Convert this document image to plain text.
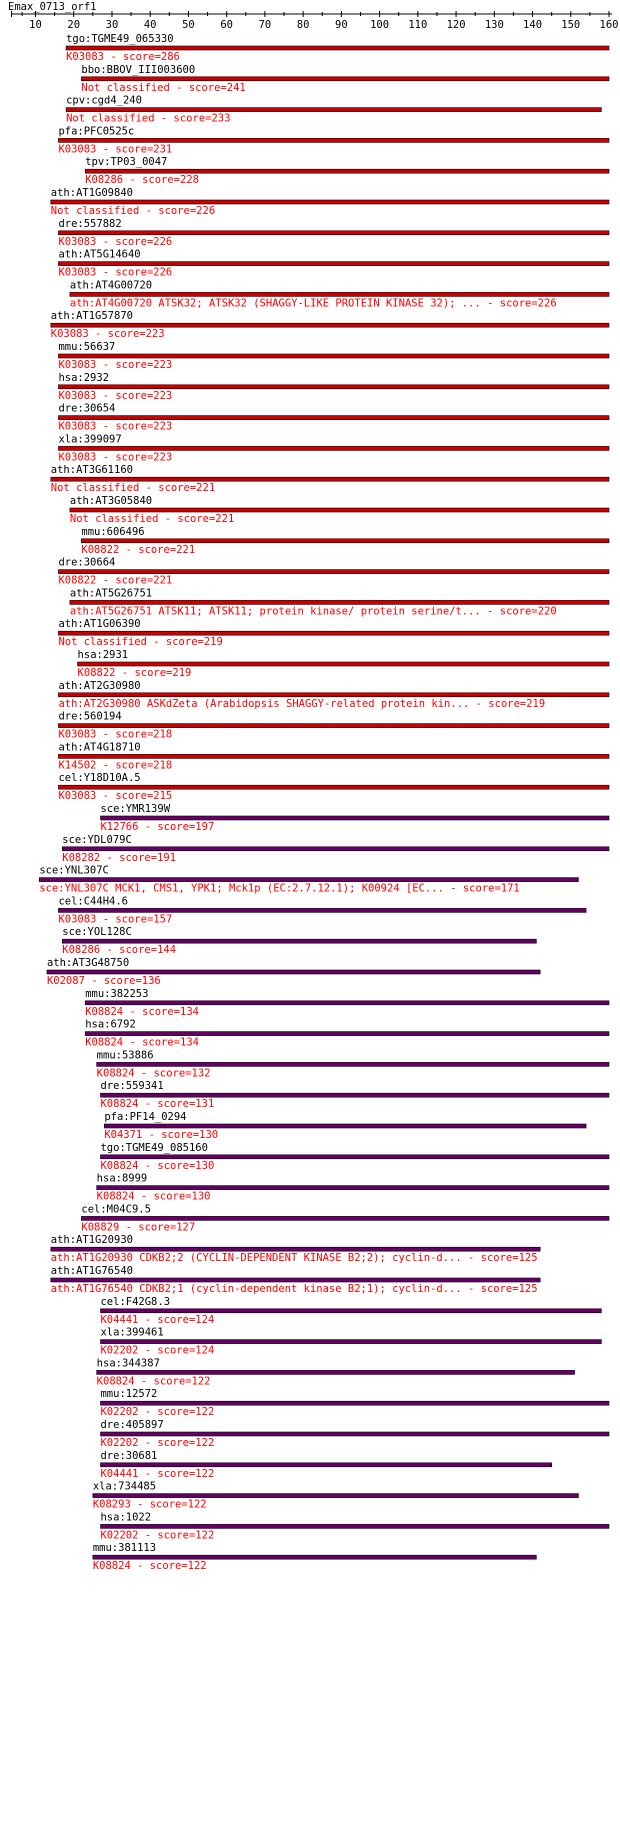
Emax_0713_orf1
10 20 30 40 50 60 70 80 90 100 110 120 130 140 150 160
tgo:TGME49_065330
K03083 - score=286
bbo:BBOV_III003600
Not classified - score=241
cpv:cgd4_240
Not classified - score=233
pfa:PFC0525c
K03083 - score=231
tpv:TP03_0047
K08286 - score=228
ath:AT1G09840
Not classified - score=226
dre:557882
K03083 - score=226
ath:AT5G14640
K03083 - score=226
ath:AT4G00720
ath:AT4G00720 ATSK32; ATSK32 (SHAGGY-LIKE PROTEIN KINASE 32); ... - score=226
ath:AT1G57870
K03083 - score=223
mmu:56637
K03083 - score=223
hsa:2932
K03083 - score=223
dre:30654
K03083 - score=223
xla:399097
K03083 - score=223
ath:AT3G61160
Not classified - score=221
ath:AT3G05840
Not classified - score=221
mmu:606496
K08822 - score=221
dre:30664
K08822 - score=221
ath:AT5G26751
ath:AT5G26751 ATSK11; ATSK11; protein kinase/ protein serine/t... - score=220
ath:AT1G06390
Not classified - score=219
hsa:2931
K08822 - score=219
ath:AT2G30980
ath:AT2G30980 ASKdZeta (Arabidopsis SHAGGY-related protein kin... - score=219
dre:560194
K03083 - score=218
ath:AT4G18710
K14502 - score=218
cel:Y18D10A.5
K03083 - score=215
sce:YMR139W
K12766 - score=197
sce:YDL079C
K08282 - score=191
sce:YNL307C
sce:YNL307C MCK1, CMS1, YPK1; Mck1p (EC:2.7.12.1); K00924 [EC... - score=171
cel:C44H4.6
K03083 - score=157
sce:YOL128C
K08286 - score=144
ath:AT3G48750
K02087 - score=136
mmu:382253
K08824 - score=134
hsa:6792
K08824 - score=134
mmu:53886
K08824 - score=132
dre:559341
K08824 - score=131
pfa:PF14_0294
K04371 - score=130
tgo:TGME49_085160
K08824 - score=130
hsa:8999
K08824 - score=130
cel:M04C9.5
K08829 - score=127
ath:AT1G20930
ath:AT1G20930 CDKB2;2 (CYCLIN-DEPENDENT KINASE B2;2); cyclin-d... - score=125
ath:AT1G76540
ath:AT1G76540 CDKB2;1 (cyclin-dependent kinase B2;1); cyclin-d... - score=125
cel:F42G8.3
K04441 - score=124
xla:399461
K02202 - score=124
hsa:344387
K08824 - score=122
mmu:12572
K02202 - score=122
dre:405897
K02202 - score=122
dre:30681
K04441 - score=122
xla:734485
K08293 - score=122
hsa:1022
K02202 - score=122
mmu:381113
K08824 - score=122
